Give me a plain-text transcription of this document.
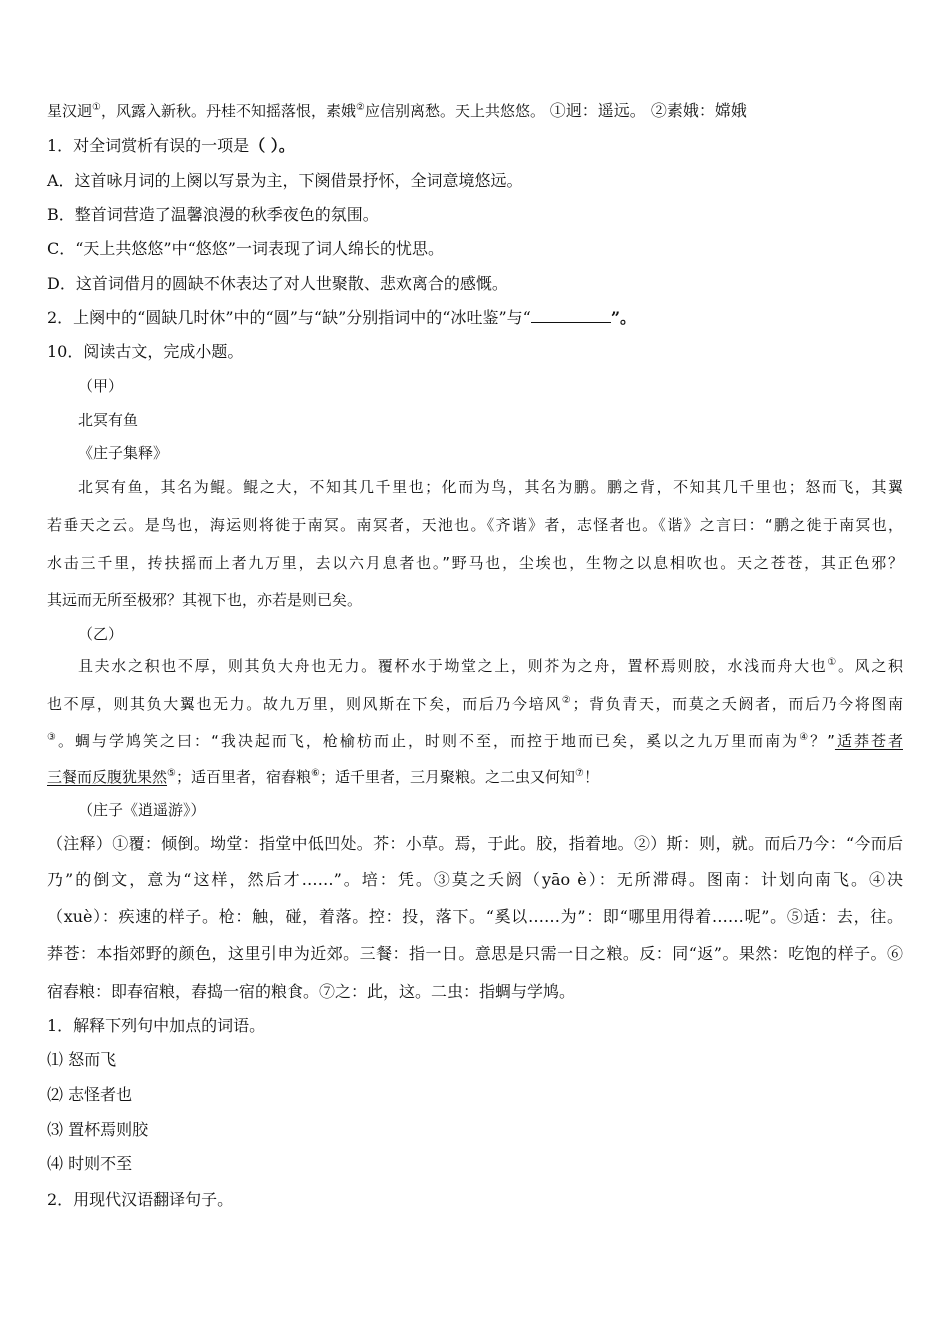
星汉迥①，风露入新秋。丹桂不知摇落恨，素娥②应信别离愁。天上共悠悠。 ①迥：遥远。 ②素娥：嫦娥
1．对全词赏析有误的一项是（ ）。
A．这首咏月词的上阕以写景为主，下阕借景抒怀，全词意境悠远。
B．整首词营造了温馨浪漫的秋季夜色的氛围。
C．“天上共悠悠”中“悠悠”一词表现了词人绵长的忧思。
D．这首词借月的圆缺不休表达了对人世聚散、悲欢离合的感慨。
2．上阕中的“圆缺几时休”中的“圆”与“缺”分别指词中的“冰吐鉴”与“	”。
10．阅读古文，完成小题。
（甲）
北冥有鱼
《庄子集释》
北冥有鱼，其名为鲲。鲲之大，不知其几千里也；化而为鸟，其名为鹏。鹏之背，不知其几千里也；怒而飞，其翼
若垂天之云。是鸟也，海运则将徙于南冥。南冥者，天池也。《齐谐》者，志怪者也。《谐》之言曰：“鹏之徙于南冥也，
水击三千里，抟扶摇而上者九万里，去以六月息者也。”野马也，尘埃也，生物之以息相吹也。天之苍苍，其正色邪？
其远而无所至极邪？其视下也，亦若是则已矣。
（乙）
且夫水之积也不厚，则其负大舟也无力。覆杯水于坳堂之上，则芥为之舟，置杯焉则胶，水浅而舟大也①。风之积
也不厚，则其负大翼也无力。故九万里，则风斯在下矣，而后乃今培风②；背负青天，而莫之夭阏者，而后乃今将图南
③。蜩与学鸠笑之曰：“我决起而飞，枪榆枋而止，时则不至，而控于地而已矣，奚以之九万里而南为④？”适莽苍者
三餐而反腹犹果然⑤；适百里者，宿舂粮⑥；适千里者，三月聚粮。之二虫又何知⑦！
（庄子《逍遥游》）
（注释）①覆：倾倒。坳堂：指堂中低凹处。芥：小草。焉，于此。胶，指着地。②）斯：则，就。而后乃今：“今而后
乃”的倒文，意为“这样，然后才……”。培：凭。③莫之夭阏（yāo è）：无所滞碍。图南：计划向南飞。④决
（xuè）：疾速的样子。枪：触，碰，着落。控：投，落下。“奚以……为”：即“哪里用得着……呢”。⑤适：去，往。
莽苍：本指郊野的颜色，这里引申为近郊。三餐：指一日。意思是只需一日之粮。反：同“返”。果然：吃饱的样子。⑥
宿舂粮：即春宿粮，舂捣一宿的粮食。⑦之：此，这。二虫：指蜩与学鸠。
1．解释下列句中加点的词语。
⑴ 怒而飞
⑵ 志怪者也
⑶ 置杯焉则胶
⑷ 时则不至
2．用现代汉语翻译句子。
